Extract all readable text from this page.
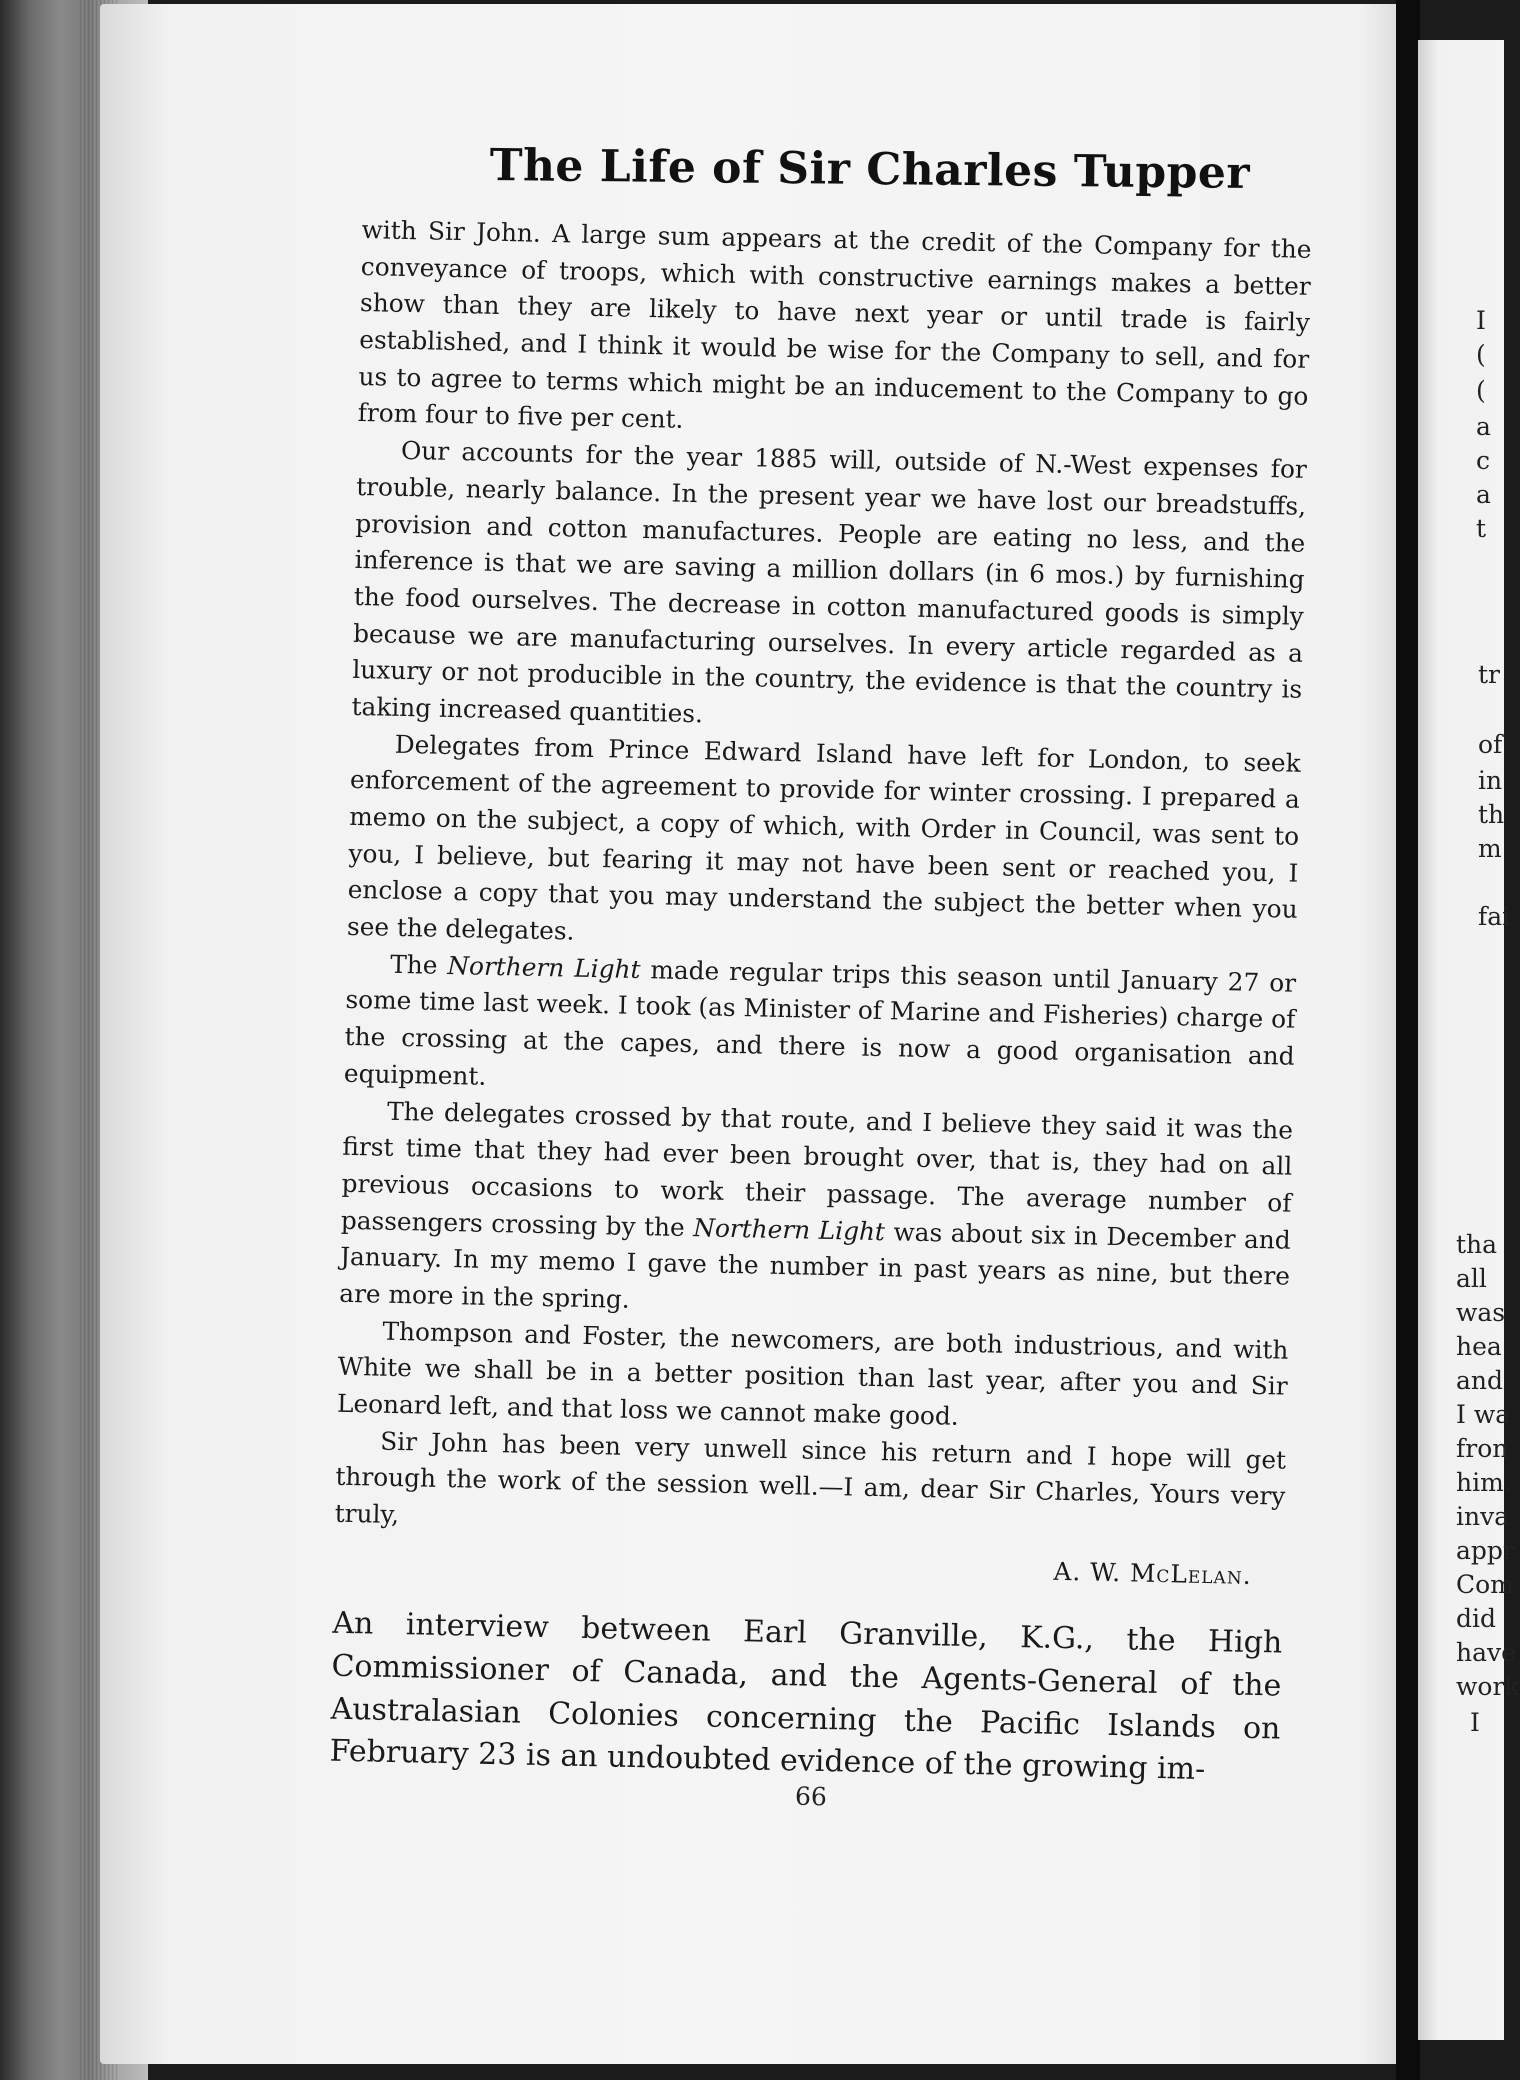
The Life of Sir Charles Tupper

with Sir John. A large sum appears at the credit of the Company for the conveyance of troops, which with constructive earnings makes a better show than they are likely to have next year or until trade is fairly established, and I think it would be wise for the Company to sell, and for us to agree to terms which might be an inducement to the Company to go from four to five per cent.

Our accounts for the year 1885 will, outside of N.-West expenses for trouble, nearly balance. In the present year we have lost our breadstuffs, provision and cotton manufactures. People are eating no less, and the inference is that we are saving a million dollars (in 6 mos.) by furnishing the food ourselves. The decrease in cotton manufactured goods is simply because we are manufacturing ourselves. In every article regarded as a luxury or not producible in the country, the evidence is that the country is taking increased quantities.

Delegates from Prince Edward Island have left for London, to seek enforcement of the agreement to provide for winter crossing. I prepared a memo on the subject, a copy of which, with Order in Council, was sent to you, I believe, but fearing it may not have been sent or reached you, I enclose a copy that you may understand the subject the better when you see the delegates.

The Northern Light made regular trips this season until January 27 or some time last week. I took (as Minister of Marine and Fisheries) charge of the crossing at the capes, and there is now a good organisation and equipment.

The delegates crossed by that route, and I believe they said it was the first time that they had ever been brought over, that is, they had on all previous occasions to work their passage. The average number of passengers crossing by the Northern Light was about six in December and January. In my memo I gave the number in past years as nine, but there are more in the spring.

Thompson and Foster, the newcomers, are both industrious, and with White we shall be in a better position than last year, after you and Sir Leonard left, and that loss we cannot make good.

Sir John has been very unwell since his return and I hope will get through the work of the session well.—I am, dear Sir Charles, Yours very truly,

A. W. McLelan.

An interview between Earl Granville, K.G., the High Commissioner of Canada, and the Agents-General of the Australasian Colonies concerning the Pacific Islands on February 23 is an undoubted evidence of the growing im-

66
I
(
(
a
c
a
t
tr
of
in
th
m
fai
tha
all
was
hea
and
I wa
fron
him.
inva
appr
Com
did
have
work
I
